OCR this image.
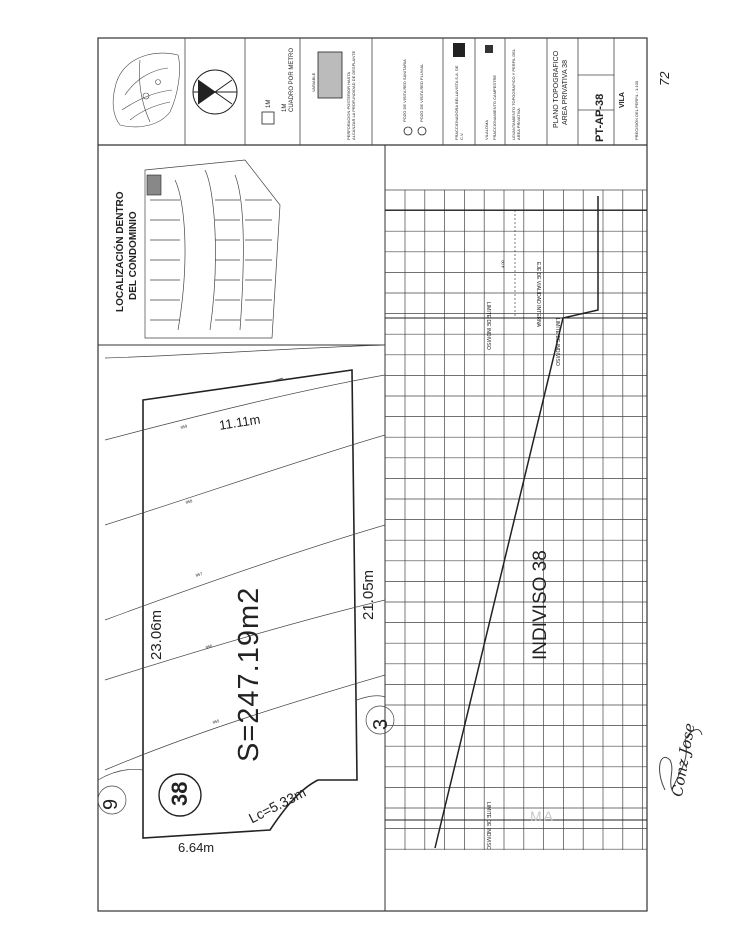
LOCALIZACIÓN DENTRO DEL CONDOMINIO
S=247.19m2
38
9
3
11.11m
23.06m
21.05m
6.64m
Lc=5.33m
959
958
957
956
955
INDIVISO 38
EJE DE VIALIDAD INTERNA
LIMITE DE INDIVISO	LIMITE DE INDIVISO
LIMITE DE INDIVISO
4.00
1M 1M CUADRO POR METRO	VARIABLE	PERFORACION POSTERIOR HASTA ALCANZAR LA PROFUNDIDAD DE DESPLANTE	POZO DE VISITA RED SANITARIA	POZO DE VISITA RED PLUVIAL	FRACCIONADORA BELLAVISTA S.A. DE C.V.	VILALOMA FRACCIONAMIENTO CAMPESTRE	LEVANTAMIENTO TOPOGRAFICO Y PERFIL DEL AREA PRIVATIVA	PLANO TOPOGRAFICO AREA PRIVATIVA 38 PT-AP-38 VILA PRECISIÓN DEL PERFIL : 1:100
72
Conz Jose
MA
